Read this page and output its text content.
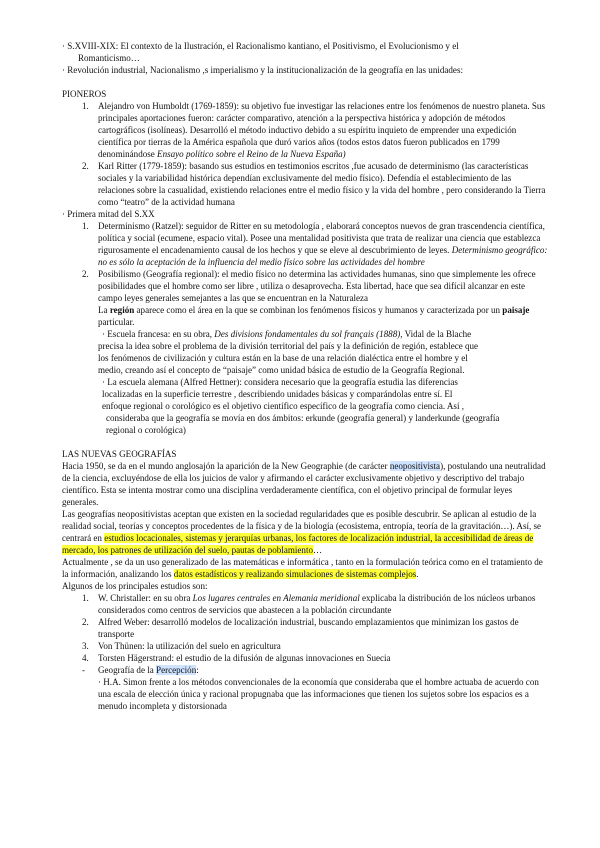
· S.XVIII-XIX: El contexto de la Ilustración, el Racionalismo kantiano, el Positivismo, el Evolucionismo y el

Romanticismo…

· Revolución industrial, Nacionalismo ,s imperialismo y la institucionalización de la geografía en las unidades:

PIONEROS

1.	Alejandro von Humboldt (1769-1859): su objetivo fue investigar las relaciones entre los fenómenos de nuestro planeta. Sus principales aportaciones fueron: carácter comparativo, atención a la perspectiva histórica y adopción de métodos cartográficos (isolíneas). Desarrolló el método inductivo debido a su espíritu inquieto de emprender una expedición científica por tierras de la América española que duró varios años (todos estos datos fueron publicados en 1799 denominándose Ensayo político sobre el Reino de la Nueva España)
2.	Karl Ritter (1779-1859): basando sus estudios en testimonios escritos ,fue acusado de determinismo (las características sociales y la variabilidad histórica dependían exclusivamente del medio físico). Defendía el establecimiento de las relaciones sobre la casualidad, existiendo relaciones entre el medio físico y la vida del hombre , pero considerando la Tierra como “teatro” de la actividad humana

· Primera mitad del S.XX

1.	Determinismo (Ratzel): seguidor de Ritter en su metodología , elaborará conceptos nuevos de gran trascendencia científica, política y social (ecumene, espacio vital). Posee una mentalidad positivista que trata de realizar una ciencia que establezca rigurosamente el encadenamiento causal de los hechos y que se eleve al descubrimiento de leyes. Determinismo geográfico: no es sólo la aceptación de la influencia del medio físico sobre las actividades del hombre
2.	Posibilismo (Geografía regional): el medio físico no determina las actividades humanas, sino que simplemente les ofrece posibilidades que el hombre como ser libre , utiliza o desaprovecha. Esta libertad, hace que sea difícil alcanzar en este campo leyes generales semejantes a las que se encuentran en la Naturaleza
La región aparece como el área en la que se combinan los fenómenos físicos y humanos y caracterizada por un paisaje particular.

· Escuela francesa: en su obra, Des divisions fondamentales du sol français (1888), Vidal de la Blache

precisa la idea sobre el problema de la división territorial del país y la definición de región, establece que

los fenómenos de civilización y cultura están en la base de una relación dialéctica entre el hombre y el

medio, creando así el concepto de “paisaje” como unidad básica de estudio de la Geografía Regional.

· La escuela alemana (Alfred Hettner): considera necesario que la geografía estudia las diferencias

localizadas en la superficie terrestre , describiendo unidades básicas y comparándolas entre sí. El

enfoque regional o corológico es el objetivo científico específico de la geografía como ciencia. Así ,

consideraba que la geografía se movía en dos ámbitos: erkunde (geografía general) y landerkunde (geografía

regional o corológica)

LAS NUEVAS GEOGRAFÍAS

Hacia 1950, se da en el mundo anglosajón la aparición de la New Geographie (de carácter neopositivista), postulando una neutralidad de la ciencia, excluyéndose de ella los juicios de valor y afirmando el carácter exclusivamente objetivo y descriptivo del trabajo científico. Esta se intenta mostrar como una disciplina verdaderamente científica, con el objetivo principal de formular leyes generales.

Las geografías neopositivistas aceptan que existen en la sociedad regularidades que es posible descubrir. Se aplican al estudio de la realidad social, teorías y conceptos procedentes de la física y de la biología (ecosistema, entropía, teoría de la gravitación…). Así, se centrará en estudios locacionales, sistemas y jerarquías urbanas, los factores de localización industrial, la accesibilidad de áreas de mercado, los patrones de utilización del suelo, pautas de poblamiento…

Actualmente , se da un uso generalizado de las matemáticas e informática , tanto en la formulación teórica como en el tratamiento de la información, analizando los datos estadísticos y realizando simulaciones de sistemas complejos.

Algunos de los principales estudios son:

1.	W. Christaller: en su obra Los lugares centrales en Alemania meridional explicaba la distribución de los núcleos urbanos considerados como centros de servicios que abastecen a la población circundante
2.	Alfred Weber: desarrolló modelos de localización industrial, buscando emplazamientos que minimizan los gastos de transporte
3.	Von Thünen: la utilización del suelo en agricultura
4.	Torsten Hägerstrand: el estudio de la difusión de algunas innovaciones en Suecia
-	Geografía de la Percepción:
· H.A. Simon frente a los métodos convencionales de la economía que consideraba que el hombre actuaba de acuerdo con una escala de elección única y racional propugnaba que las informaciones que tienen los sujetos sobre los espacios es a menudo incompleta y distorsionada
